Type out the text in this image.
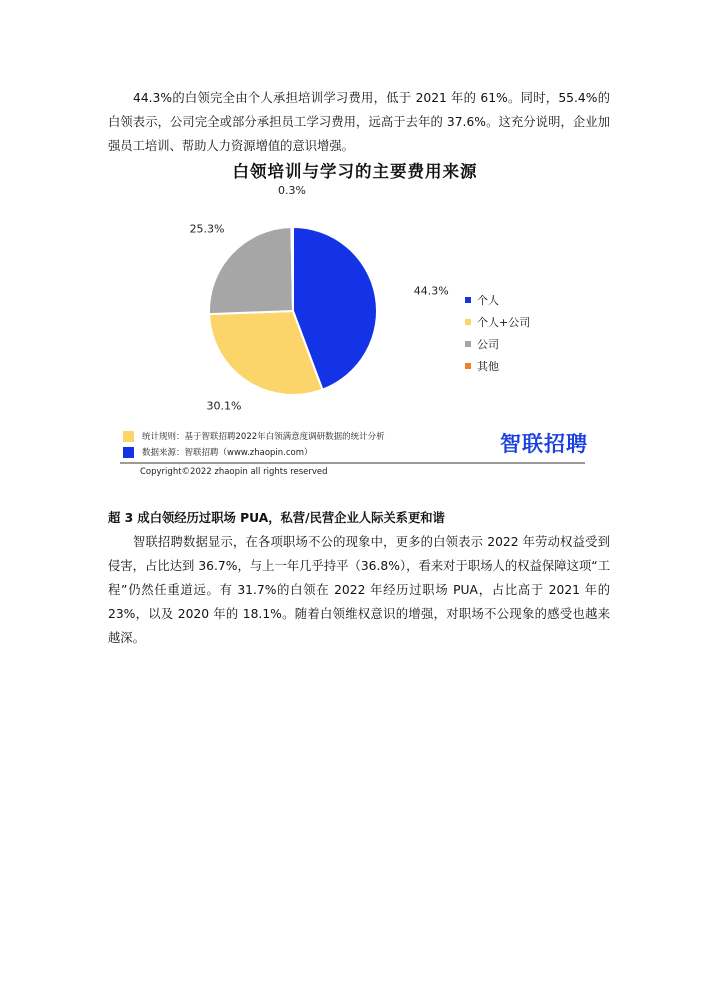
44.3%的白领完全由个人承担培训学习费用，低于 2021 年的 61%。同时，55.4%的白领表示，公司完全或部分承担员工学习费用，远高于去年的 37.6%。这充分说明，企业加强员工培训、帮助人力资源增值的意识增强。

白领培训与学习的主要费用来源
44.3%
30.1%
25.3%
0.3%
个人
个人+公司
公司
其他
统计规则：基于智联招聘2022年白领满意度调研数据的统计分析
数据来源：智联招聘（www.zhaopin.com）	智联招聘
Copyright©2022 zhaopin all rights reserved
超 3 成白领经历过职场 PUA，私营/民营企业人际关系更和谐

智联招聘数据显示，在各项职场不公的现象中，更多的白领表示 2022 年劳动权益受到侵害，占比达到 36.7%，与上一年几乎持平（36.8%），看来对于职场人的权益保障这项“工程”仍然任重道远。有 31.7%的白领在 2022 年经历过职场 PUA，占比高于 2021 年的 23%，以及 2020 年的 18.1%。随着白领维权意识的增强，对职场不公现象的感受也越来越深。
